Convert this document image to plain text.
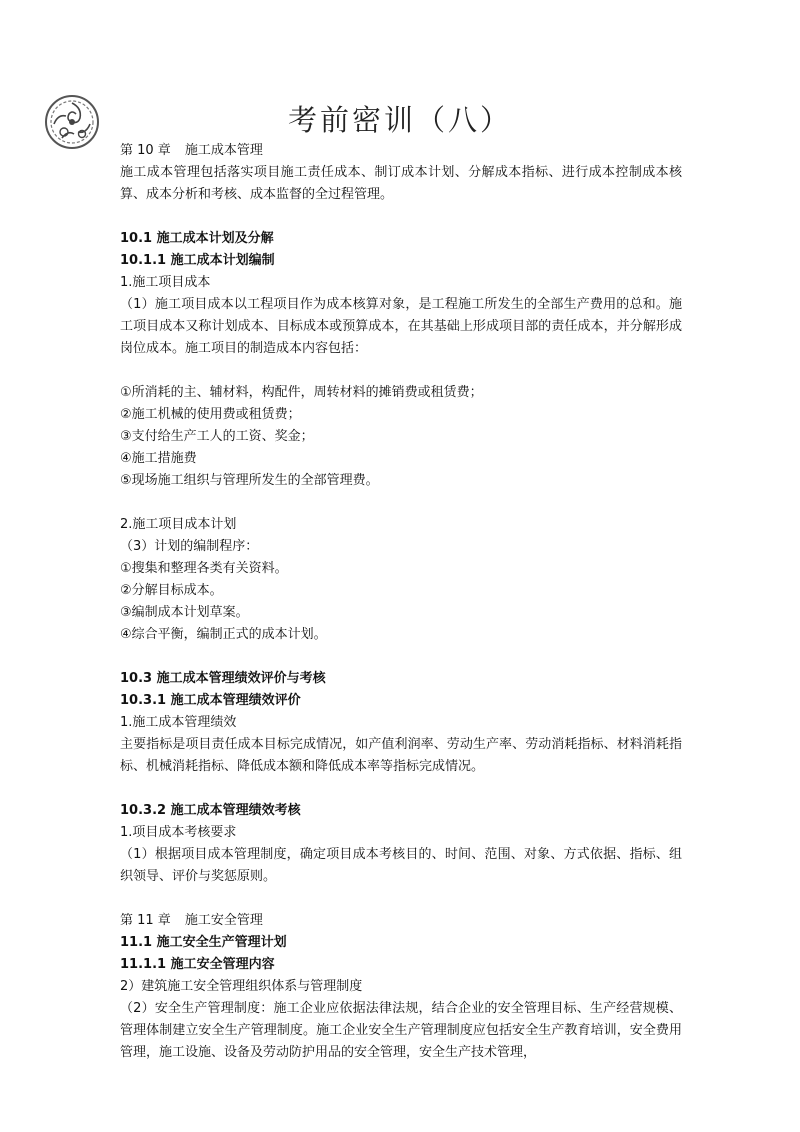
考前密训（八）

第 10 章 施工成本管理

施工成本管理包括落实项目施工责任成本、制订成本计划、分解成本指标、进行成本控制成本核算、成本分析和考核、成本监督的全过程管理。

10.1 施工成本计划及分解

10.1.1 施工成本计划编制

1.施工项目成本

（1）施工项目成本以工程项目作为成本核算对象，是工程施工所发生的全部生产费用的总和。施工项目成本又称计划成本、目标成本或预算成本，在其基础上形成项目部的责任成本，并分解形成岗位成本。施工项目的制造成本内容包括：

①所消耗的主、辅材料，构配件，周转材料的摊销费或租赁费；

②施工机械的使用费或租赁费；

③支付给生产工人的工资、奖金；

④施工措施费

⑤现场施工组织与管理所发生的全部管理费。

2.施工项目成本计划

（3）计划的编制程序：

①搜集和整理各类有关资料。

②分解目标成本。

③编制成本计划草案。

④综合平衡，编制正式的成本计划。

10.3 施工成本管理绩效评价与考核

10.3.1 施工成本管理绩效评价

1.施工成本管理绩效

主要指标是项目责任成本目标完成情况，如产值利润率、劳动生产率、劳动消耗指标、材料消耗指标、机械消耗指标、降低成本额和降低成本率等指标完成情况。

10.3.2 施工成本管理绩效考核

1.项目成本考核要求

（1）根据项目成本管理制度，确定项目成本考核目的、时间、范围、对象、方式依据、指标、组织领导、评价与奖惩原则。

第 11 章 施工安全管理

11.1 施工安全生产管理计划

11.1.1 施工安全管理内容

2）建筑施工安全管理组织体系与管理制度

（2）安全生产管理制度：施工企业应依据法律法规，结合企业的安全管理目标、生产经营规模、管理体制建立安全生产管理制度。施工企业安全生产管理制度应包括安全生产教育培训，安全费用管理，施工设施、设备及劳动防护用品的安全管理，安全生产技术管理，
